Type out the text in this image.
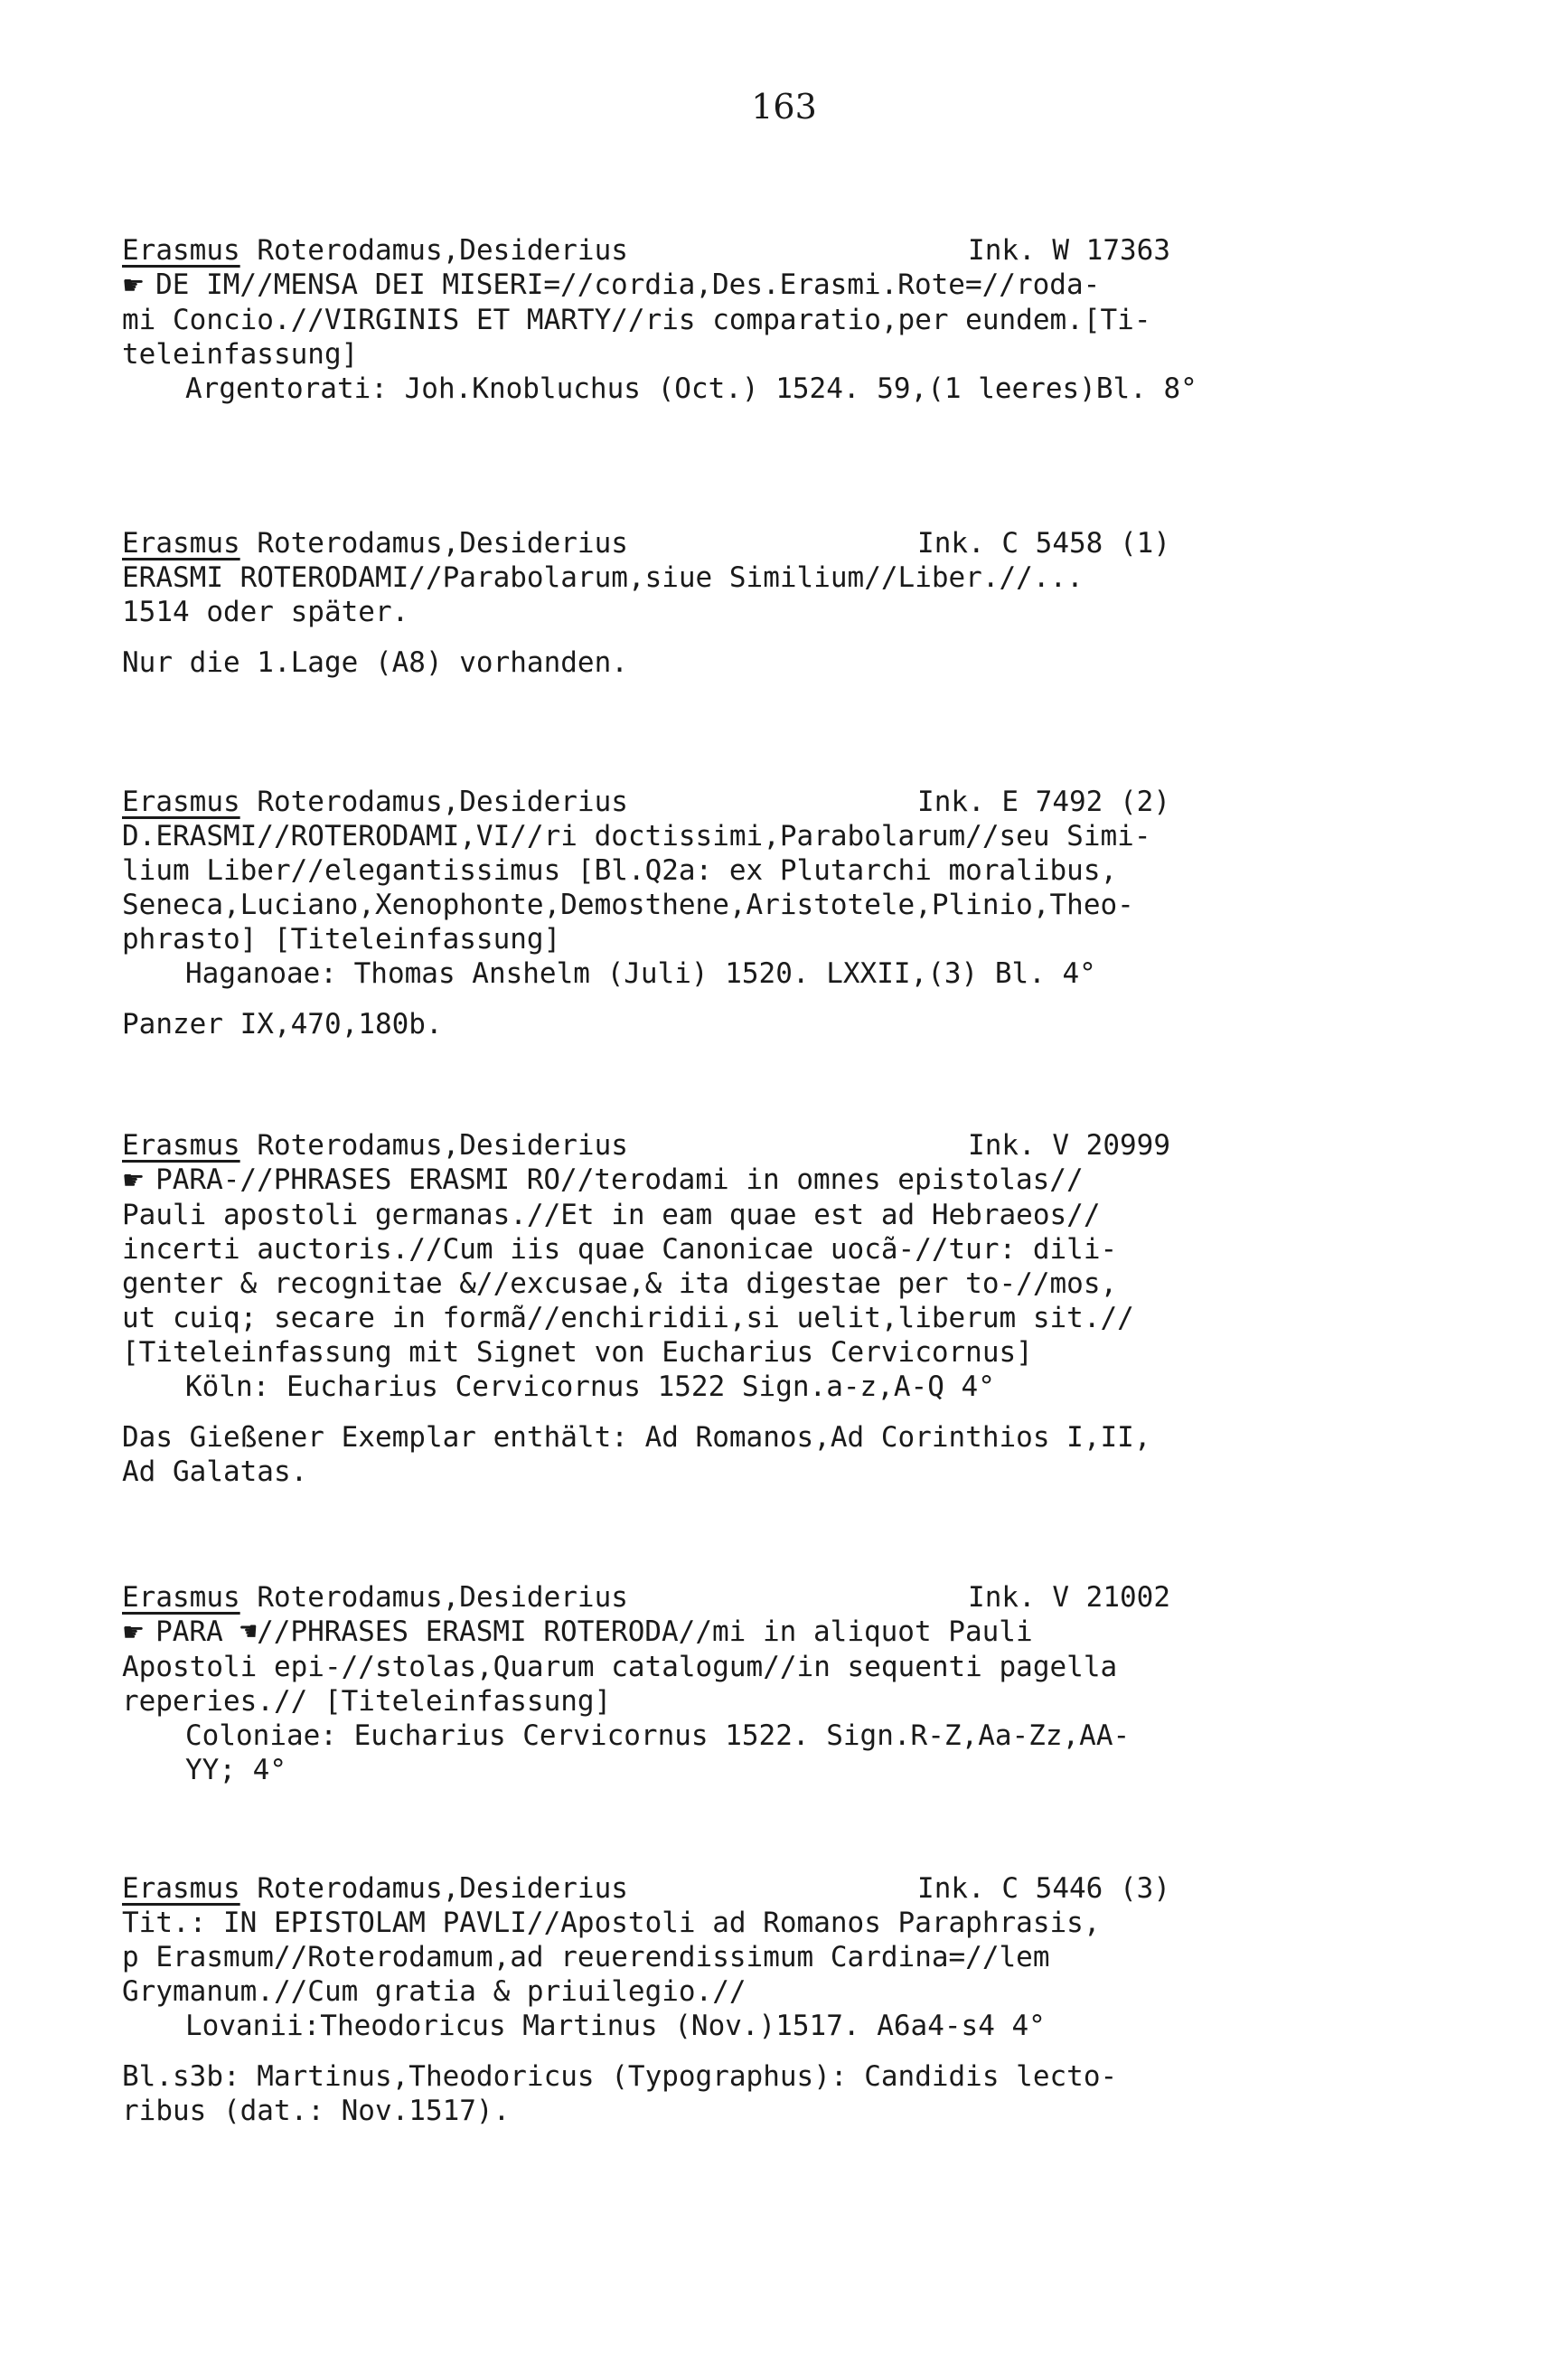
163
Erasmus Roterodamus,Desiderius	Ink. W 17363
☛ DE IM//MENSA DEI MISERI=//cordia,Des.Erasmi.Rote=//roda-
mi Concio.//VIRGINIS ET MARTY//ris comparatio,per eundem.[Ti-
teleinfassung]
Argentorati: Joh.Knobluchus (Oct.) 1524. 59,(1 leeres)Bl. 8°
Erasmus Roterodamus,Desiderius	Ink. C 5458 (1)
ERASMI ROTERODAMI//Parabolarum,siue Similium//Liber.//...
1514 oder später.
Nur die 1.Lage (A8) vorhanden.
Erasmus Roterodamus,Desiderius	Ink. E 7492 (2)
D.ERASMI//ROTERODAMI,VI//ri doctissimi,Parabolarum//seu Simi-
lium Liber//elegantissimus [Bl.Q2a: ex Plutarchi moralibus,
Seneca,Luciano,Xenophonte,Demosthene,Aristotele,Plinio,Theo-
phrasto] [Titeleinfassung]
Haganoae: Thomas Anshelm (Juli) 1520. LXXII,(3) Bl. 4°
Panzer IX,470,180b.
Erasmus Roterodamus,Desiderius	Ink. V 20999
☛ PARA-//PHRASES ERASMI RO//terodami in omnes epistolas//
Pauli apostoli germanas.//Et in eam quae est ad Hebraeos//
incerti auctoris.//Cum iis quae Canonicae uocã-//tur: dili-
genter & recognitae &//excusae,& ita digestae per to-//mos,
ut cuiq; secare in formã//enchiridii,si uelit,liberum sit.//
[Titeleinfassung mit Signet von Eucharius Cervicornus]
Köln: Eucharius Cervicornus 1522 Sign.a-z,A-Q 4°
Das Gießener Exemplar enthält: Ad Romanos,Ad Corinthios I,II,
Ad Galatas.
Erasmus Roterodamus,Desiderius	Ink. V 21002
☛ PARA ☚//PHRASES ERASMI ROTERODA//mi in aliquot Pauli
Apostoli epi-//stolas,Quarum catalogum//in sequenti pagella
reperies.// [Titeleinfassung]
Coloniae: Eucharius Cervicornus 1522. Sign.R-Z,Aa-Zz,AA-
YY; 4°
Erasmus Roterodamus,Desiderius	Ink. C 5446 (3)
Tit.: IN EPISTOLAM PAVLI//Apostoli ad Romanos Paraphrasis,
p Erasmum//Roterodamum,ad reuerendissimum Cardina=//lem
Grymanum.//Cum gratia & priuilegio.//
Lovanii:Theodoricus Martinus (Nov.)1517. A6a4-s4 4°
Bl.s3b: Martinus,Theodoricus (Typographus): Candidis lecto-
ribus (dat.: Nov.1517).
